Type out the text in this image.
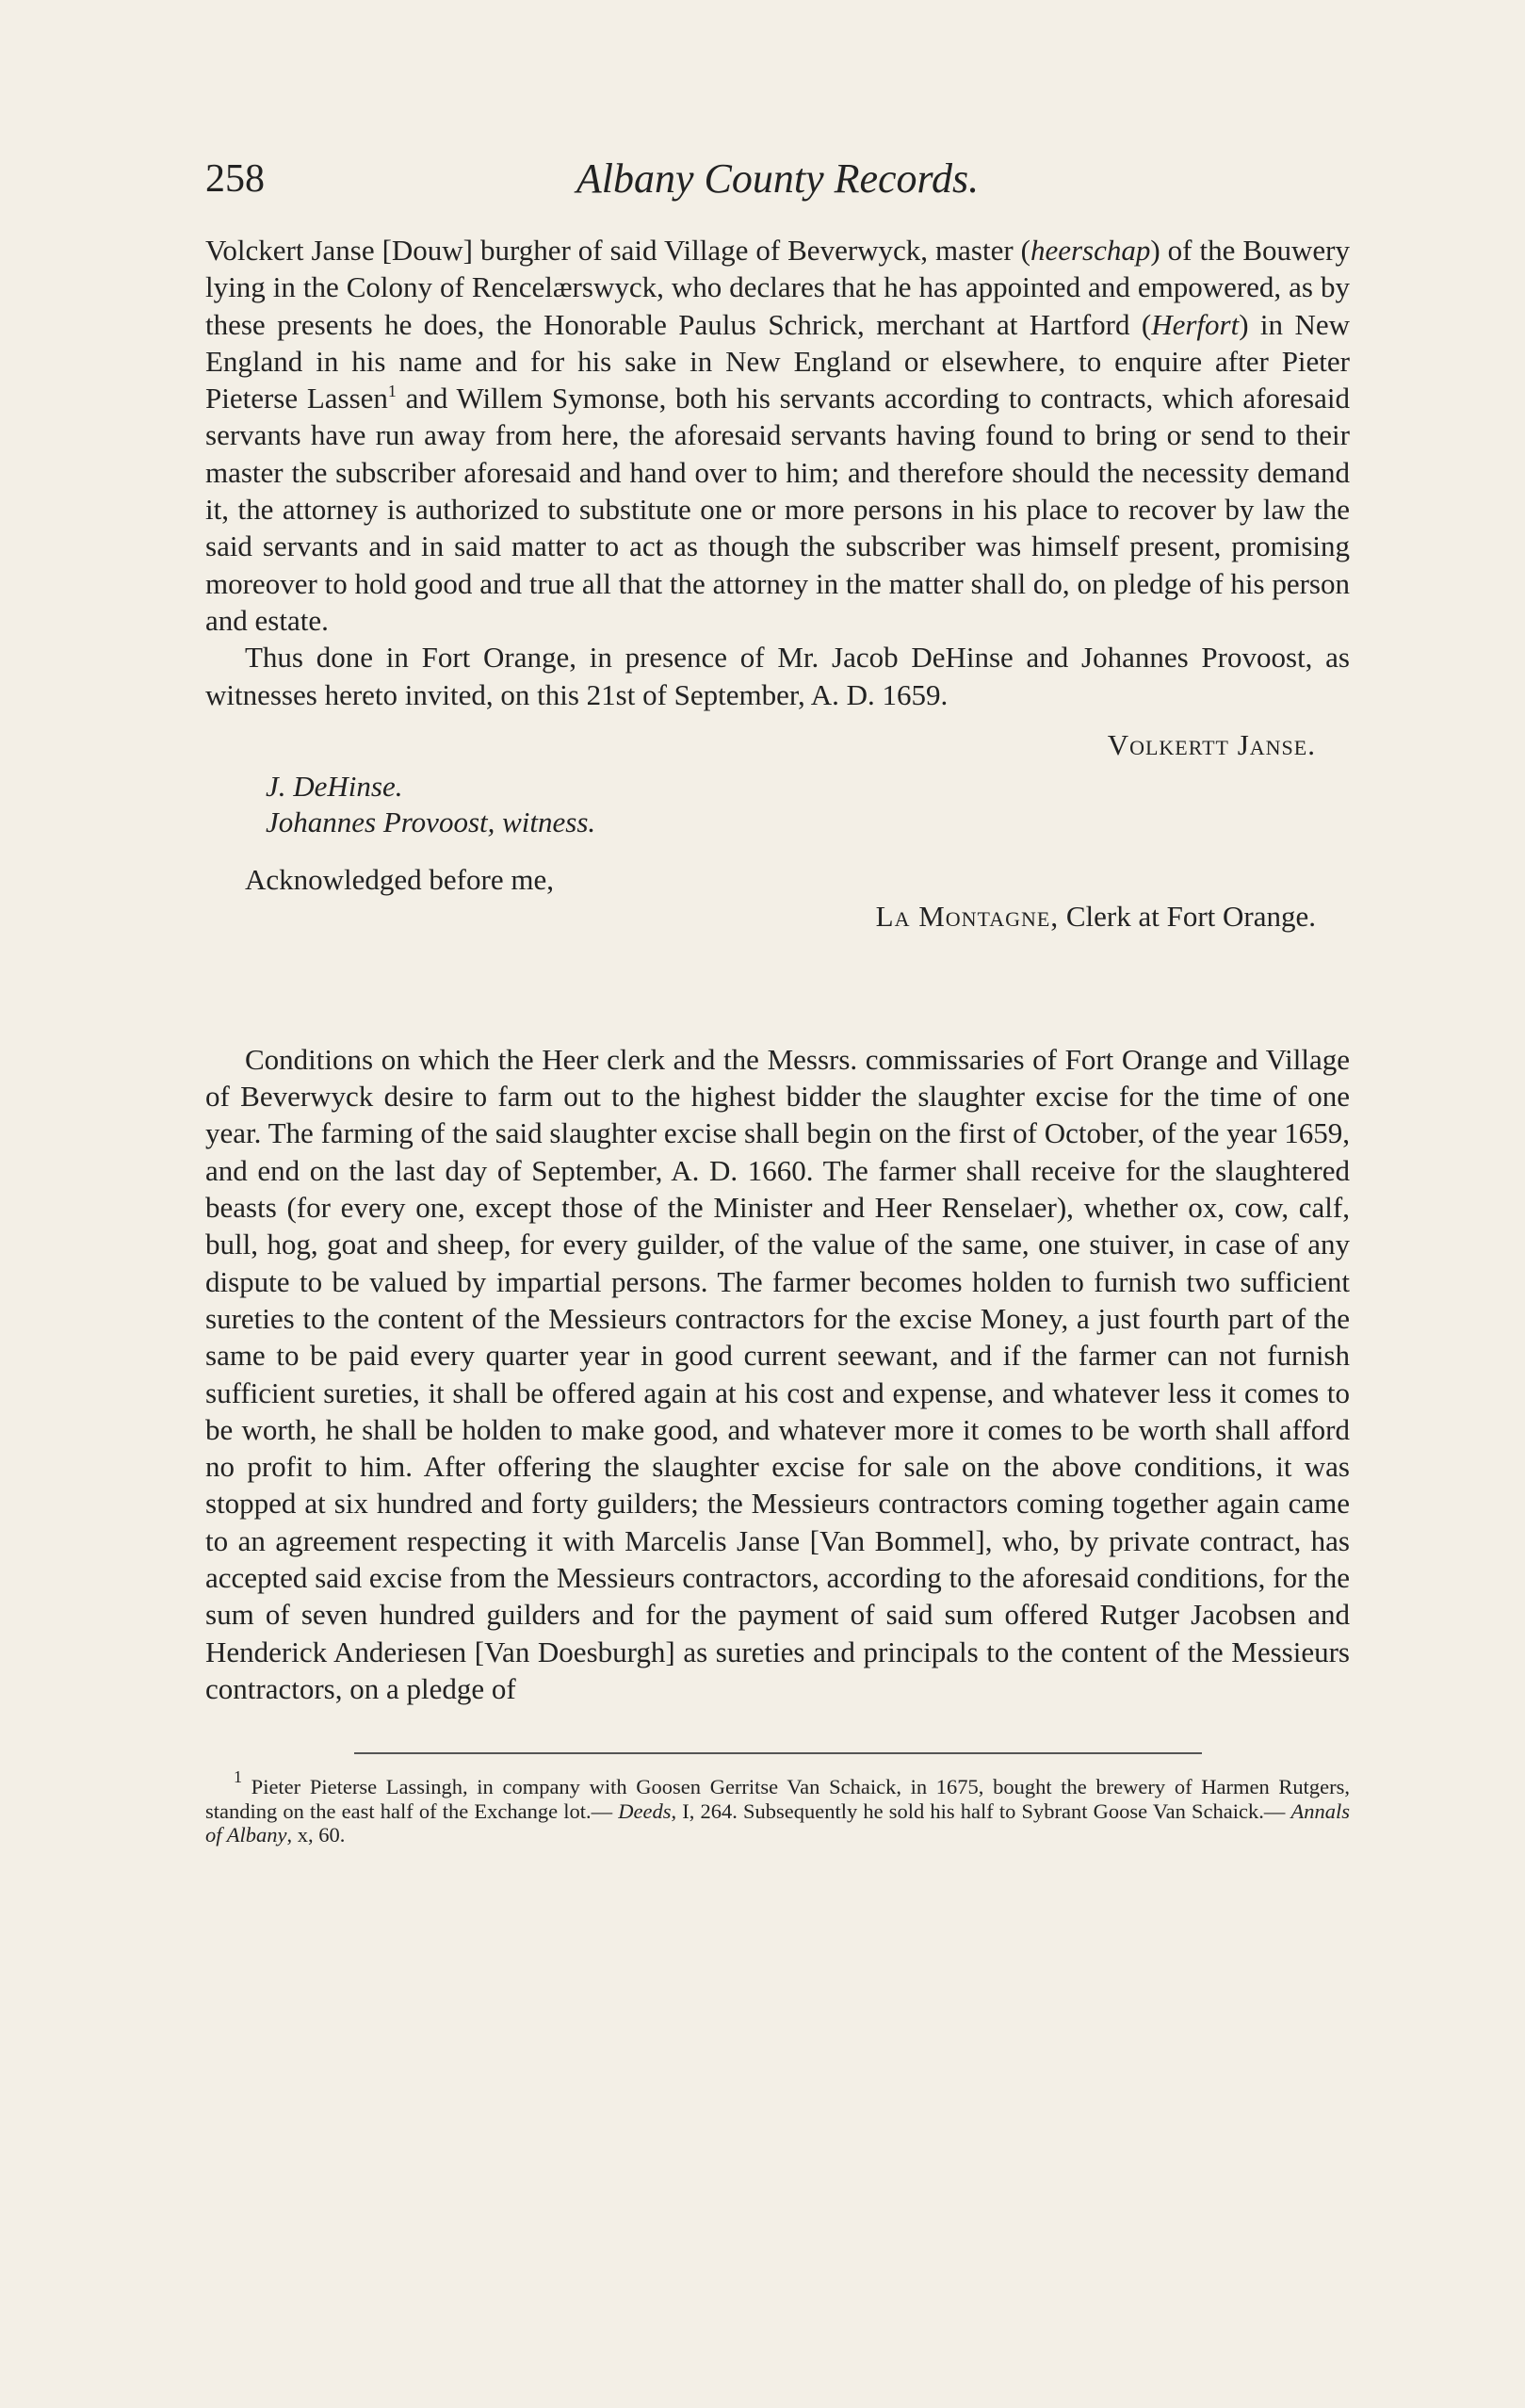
258	Albany County Records.

Volckert Janse [Douw] burgher of said Village of Beverwyck, master (heerschap) of the Bouwery lying in the Colony of Rencelærswyck, who declares that he has appointed and empowered, as by these presents he does, the Honorable Paulus Schrick, merchant at Hartford (Herfort) in New England in his name and for his sake in New England or elsewhere, to enquire after Pieter Pieterse Lassen$^1$ and Willem Symonse, both his servants according to contracts, which aforesaid servants have run away from here, the aforesaid servants having found to bring or send to their master the subscriber aforesaid and hand over to him; and therefore should the necessity demand it, the attorney is authorized to substitute one or more persons in his place to recover by law the said servants and in said matter to act as though the subscriber was himself present, promising moreover to hold good and true all that the attorney in the matter shall do, on pledge of his person and estate.

Thus done in Fort Orange, in presence of Mr. Jacob DeHinse and Johannes Provoost, as witnesses hereto invited, on this 21st of September, A. D. 1659.

Volkertt Janse.
J. DeHinse.
Johannes Provoost, witness.
Acknowledged before me,
La Montagne, Clerk at Fort Orange.

Conditions on which the Heer clerk and the Messrs. commissaries of Fort Orange and Village of Beverwyck desire to farm out to the highest bidder the slaughter excise for the time of one year. The farming of the said slaughter excise shall begin on the first of October, of the year 1659, and end on the last day of September, A. D. 1660. The farmer shall receive for the slaughtered beasts (for every one, except those of the Minister and Heer Renselaer), whether ox, cow, calf, bull, hog, goat and sheep, for every guilder, of the value of the same, one stuiver, in case of any dispute to be valued by impartial persons. The farmer becomes holden to furnish two sufficient sureties to the content of the Messieurs contractors for the excise Money, a just fourth part of the same to be paid every quarter year in good current seewant, and if the farmer can not furnish sufficient sureties, it shall be offered again at his cost and expense, and whatever less it comes to be worth, he shall be holden to make good, and whatever more it comes to be worth shall afford no profit to him. After offering the slaughter excise for sale on the above conditions, it was stopped at six hundred and forty guilders; the Messieurs contractors coming together again came to an agreement respecting it with Marcelis Janse [Van Bommel], who, by private contract, has accepted said excise from the Messieurs contractors, according to the aforesaid conditions, for the sum of seven hundred guilders and for the payment of said sum offered Rutger Jacobsen and Henderick Anderiesen [Van Doesburgh] as sureties and principals to the content of the Messieurs contractors, on a pledge of

$^1$ Pieter Pieterse Lassingh, in company with Goosen Gerritse Van Schaick, in 1675, bought the brewery of Harmen Rutgers, standing on the east half of the Exchange lot.— Deeds, I, 264. Subsequently he sold his half to Sybrant Goose Van Schaick.— Annals of Albany, x, 60.
